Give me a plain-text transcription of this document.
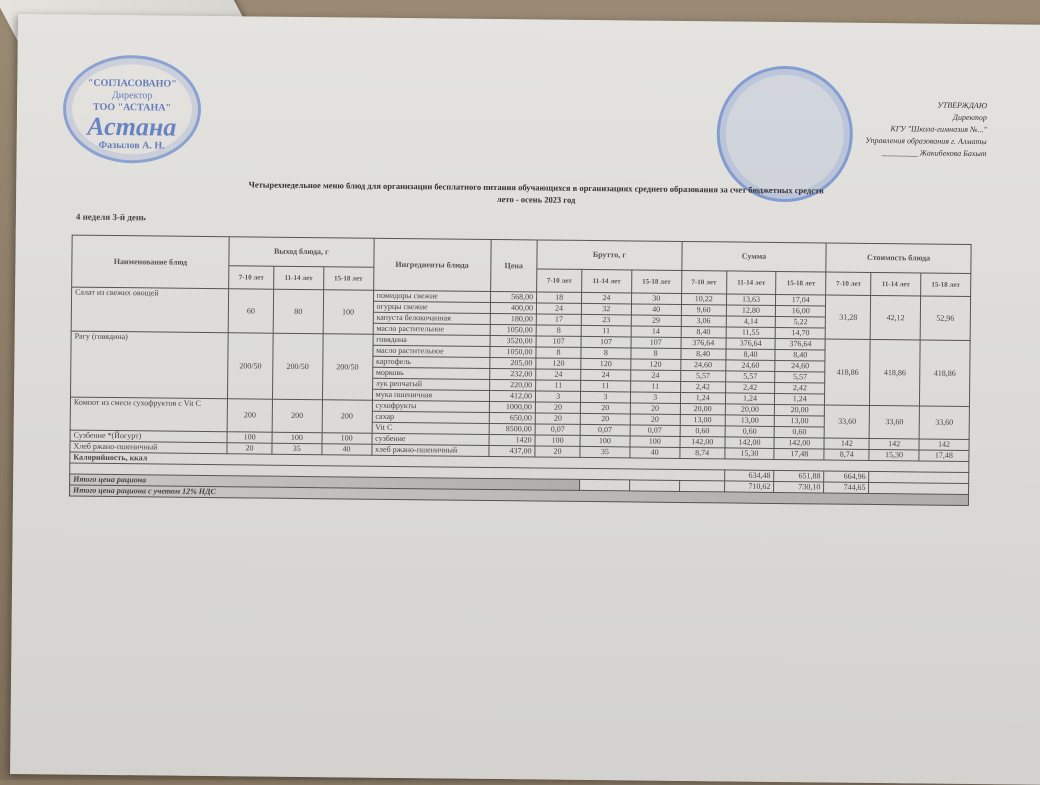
"СОГЛАСОВАНО"
Директор
ТОО "АСТАНА"
Астана
Фазылов А. Н.
УТВЕРЖДАЮ
Директор
КГУ "Школа-гимназия №..."
Управления образования г. Алматы
_________ Жакибекова Бахыт
Четырехнедельное меню блюд для организации бесплатного питания обучающихся в организациях среднего образования за счет бюджетных средств
лето - осень 2023 год
4 неделя 3-й день
Наименование блюд	Выход блюда, г			Ингредиенты блюда	Цена	Брутто, г			Сумма			Стоимость блюда		
	7-10 лет	11-14 лет	15-18 лет			7-10 лет	11-14 лет	15-18 лет	7-10 лет	11-14 лет	15-18 лет	7-10 лет	11-14 лет	15-18 лет
Салат из свежих овощей	60	80	100	помидоры свежие	568,00	18	24	30	10,22	13,63	17,04	31,28	42,12	52,96
				огурцы свежие	400,00	24	32	40	9,60	12,80	16,00			
				капуста белокочанная	180,00	17	23	29	3,06	4,14	5,22			
				масло растительное	1050,00	8	11	14	8,40	11,55	14,70			
Рагу (говядина)	200/50	200/50	200/50	говядина	3520,00	107	107	107	376,64	376,64	376,64	418,86	418,86	418,86
				масло растительное	1050,00	8	8	8	8,40	8,40	8,40			
				картофель	205,00	120	120	120	24,60	24,60	24,60			
				морковь	232,00	24	24	24	5,57	5,57	5,57			
				лук репчатый	220,00	11	11	11	2,42	2,42	2,42			
				мука пшеничная	412,00	3	3	3	1,24	1,24	1,24			
Компот из смеси сухофруктов с Vit C	200	200	200	сухофрукты	1000,00	20	20	20	20,00	20,00	20,00	33,60	33,60	33,60
				сахар	650,00	20	20	20	13,00	13,00	13,00			
				Vit C	8500,00	0,07	0,07	0,07	0,60	0,60	0,60			
Сузбение *(Йогурт)	100	100	100	сузбение	1420	100	100	100	142,00	142,00	142,00	142	142	142
Хлеб ржано-пшеничный	20	35	40	хлеб ржано-пшеничный	437,00	20	35	40	8,74	15,30	17,48	8,74	15,30	17,48
Калорийность, ккал														
										634,48	651,88	664,96		
Итого цена рациона										710,62	730,10	744,65		
Итого цена рациона с учетом 12% НДС														
